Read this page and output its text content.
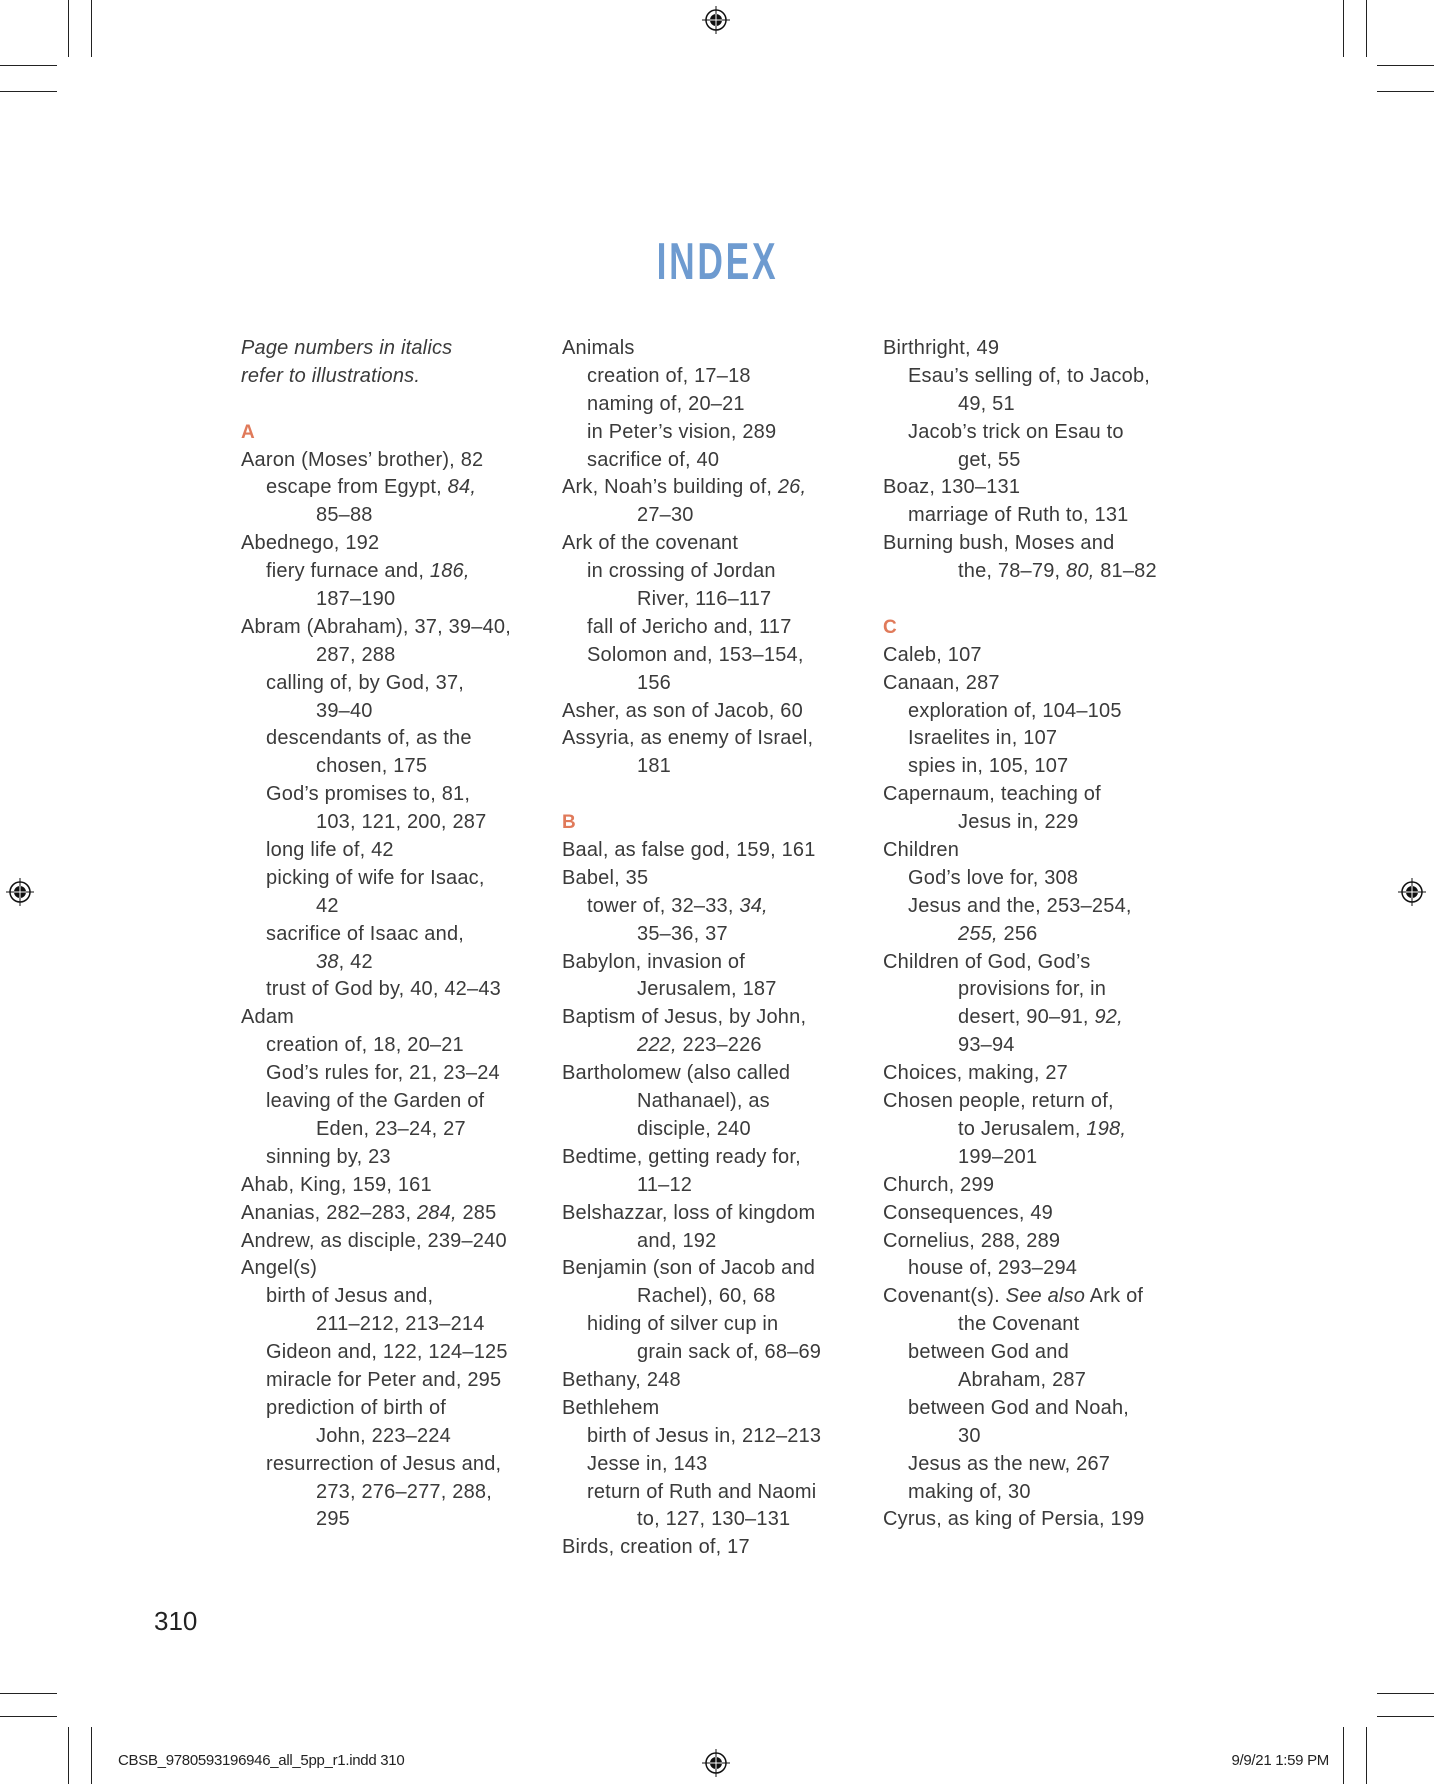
INDEX
Page numbers in italics
refer to illustrations.
A
Aaron (Moses’ brother), 82
escape from Egypt, 84,
85–88
Abednego, 192
fiery furnace and, 186,
187–190
Abram (Abraham), 37, 39–40,
287, 288
calling of, by God, 37,
39–40
descendants of, as the
chosen, 175
God’s promises to, 81,
103, 121, 200, 287
long life of, 42
picking of wife for Isaac,
42
sacrifice of Isaac and,
38, 42
trust of God by, 40, 42–43
Adam
creation of, 18, 20–21
God’s rules for, 21, 23–24
leaving of the Garden of
Eden, 23–24, 27
sinning by, 23
Ahab, King, 159, 161
Ananias, 282–283, 284, 285
Andrew, as disciple, 239–240
Angel(s)
birth of Jesus and,
211–212, 213–214
Gideon and, 122, 124–125
miracle for Peter and, 295
prediction of birth of
John, 223–224
resurrection of Jesus and,
273, 276–277, 288,
295
Animals
creation of, 17–18
naming of, 20–21
in Peter’s vision, 289
sacrifice of, 40
Ark, Noah’s building of, 26,
27–30
Ark of the covenant
in crossing of Jordan
River, 116–117
fall of Jericho and, 117
Solomon and, 153–154,
156
Asher, as son of Jacob, 60
Assyria, as enemy of Israel,
181
B
Baal, as false god, 159, 161
Babel, 35
tower of, 32–33, 34,
35–36, 37
Babylon, invasion of
Jerusalem, 187
Baptism of Jesus, by John,
222, 223–226
Bartholomew (also called
Nathanael), as
disciple, 240
Bedtime, getting ready for,
11–12
Belshazzar, loss of kingdom
and, 192
Benjamin (son of Jacob and
Rachel), 60, 68
hiding of silver cup in
grain sack of, 68–69
Bethany, 248
Bethlehem
birth of Jesus in, 212–213
Jesse in, 143
return of Ruth and Naomi
to, 127, 130–131
Birds, creation of, 17
Birthright, 49
Esau’s selling of, to Jacob,
49, 51
Jacob’s trick on Esau to
get, 55
Boaz, 130–131
marriage of Ruth to, 131
Burning bush, Moses and
the, 78–79, 80, 81–82
C
Caleb, 107
Canaan, 287
exploration of, 104–105
Israelites in, 107
spies in, 105, 107
Capernaum, teaching of
Jesus in, 229
Children
God’s love for, 308
Jesus and the, 253–254,
255, 256
Children of God, God’s
provisions for, in
desert, 90–91, 92,
93–94
Choices, making, 27
Chosen people, return of,
to Jerusalem, 198,
199–201
Church, 299
Consequences, 49
Cornelius, 288, 289
house of, 293–294
Covenant(s). See also Ark of
the Covenant
between God and
Abraham, 287
between God and Noah,
30
Jesus as the new, 267
making of, 30
Cyrus, as king of Persia, 199
310
CBSB_9780593196946_all_5pp_r1.indd 310	9/9/21 1:59 PM
